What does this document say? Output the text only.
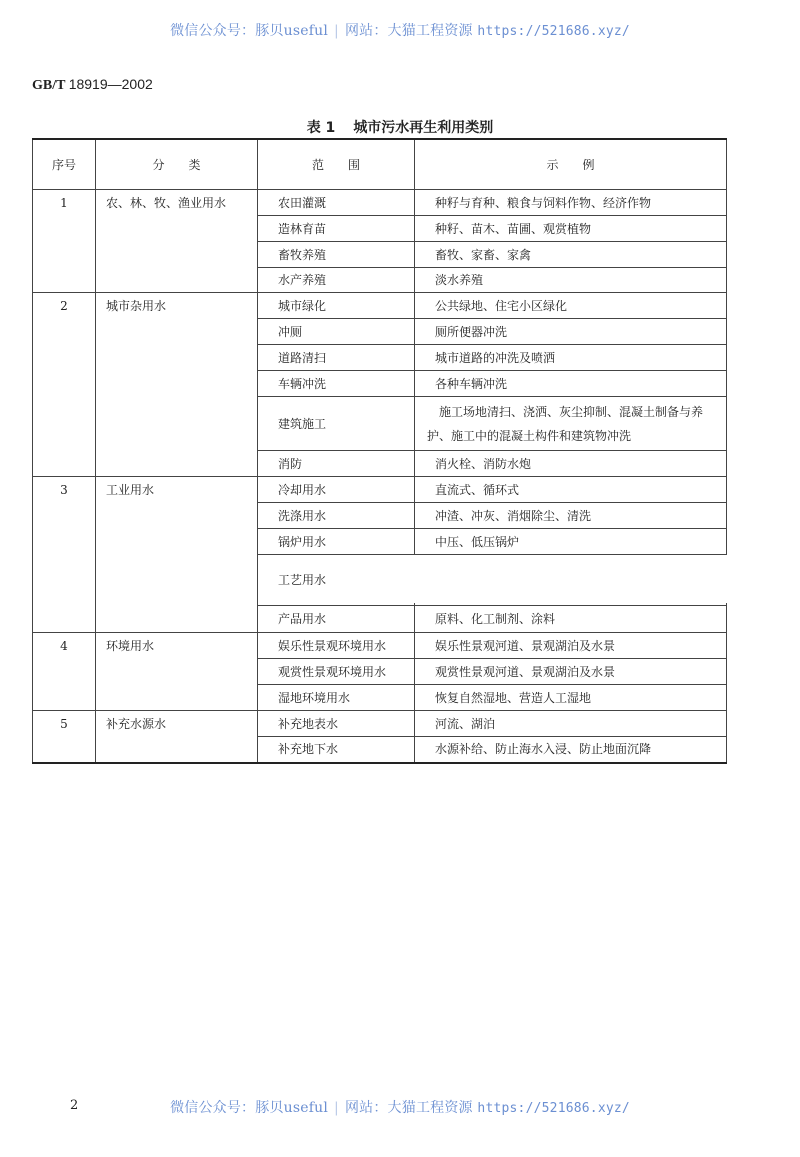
微信公众号：豚贝useful | 网站：大猫工程资源 https://521686.xyz/
GB/T 18919—2002
表 1 城市污水再生利用类别
序号	分　　类	范　　围	示　　例
1	农、林、牧、渔业用水	农田灌溉	种籽与育种、粮食与饲料作物、经济作物
		造林育苗	种籽、苗木、苗圃、观赏植物
		畜牧养殖	畜牧、家畜、家禽
		水产养殖	淡水养殖
2	城市杂用水	城市绿化	公共绿地、住宅小区绿化
		冲厕	厕所便器冲洗
		道路清扫	城市道路的冲洗及喷洒
		车辆冲洗	各种车辆冲洗
		建筑施工	施工场地清扫、浇洒、灰尘抑制、混凝土制备与养护、施工中的混凝土构件和建筑物冲洗
		消防	消火栓、消防水炮
3	工业用水	冷却用水	直流式、循环式
		洗涤用水	冲渣、冲灰、消烟除尘、清洗
		锅炉用水	中压、低压锅炉
		工艺用水	
		产品用水	原料、化工制剂、涂料
4	环境用水	娱乐性景观环境用水	娱乐性景观河道、景观湖泊及水景
		观赏性景观环境用水	观赏性景观河道、景观湖泊及水景
		湿地环境用水	恢复自然湿地、营造人工湿地
5	补充水源水	补充地表水	河流、湖泊
		补充地下水	水源补给、防止海水入浸、防止地面沉降
2	微信公众号：豚贝useful | 网站：大猫工程资源 https://521686.xyz/
